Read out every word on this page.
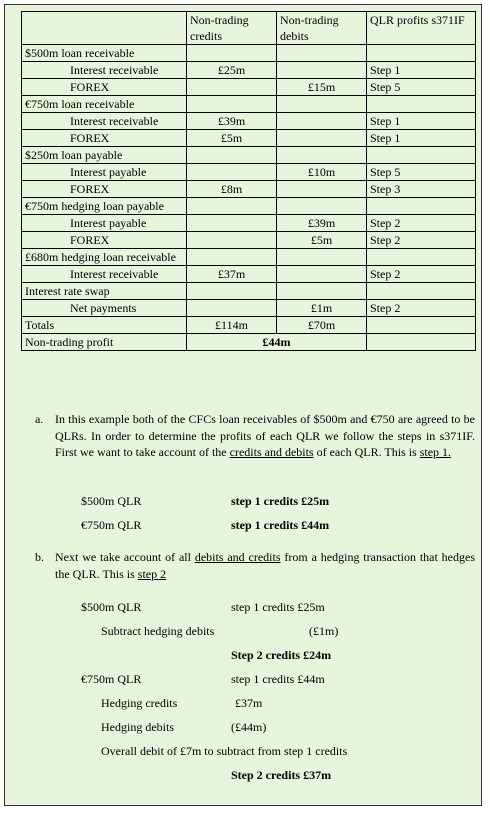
	Non-trading credits	Non-trading debits	QLR profits s371IF
$500m loan receivable			
Interest receivable	£25m		Step 1
FOREX		£15m	Step 5
€750m loan receivable			
Interest receivable	£39m		Step 1
FOREX	£5m		Step 1
$250m loan payable			
Interest payable		£10m	Step 5
FOREX	£8m		Step 3
€750m hedging loan payable			
Interest payable		£39m	Step 2
FOREX		£5m	Step 2
£680m hedging loan receivable			
Interest receivable	£37m		Step 2
Interest rate swap			
Net payments		£1m	Step 2
Totals	£114m	£70m	
Non-trading profit	£44m		
a. In this example both of the CFCs loan receivables of $500m and €750 are agreed to be QLRs. In order to determine the profits of each QLR we follow the steps in s371IF. First we want to take account of the credits and debits of each QLR. This is step 1.
$500m QLR	step 1 credits £25m
€750m QLR	step 1 credits £44m
b. Next we take account of all debits and credits from a hedging transaction that hedges the QLR. This is step 2
$500m QLR	step 1 credits £25m
Subtract hedging debits	(£1m)
Step 2 credits £24m
€750m QLR	step 1 credits £44m
Hedging credits	£37m
Hedging debits	(£44m)
Overall debit of £7m to subtract from step 1 credits
Step 2 credits £37m
